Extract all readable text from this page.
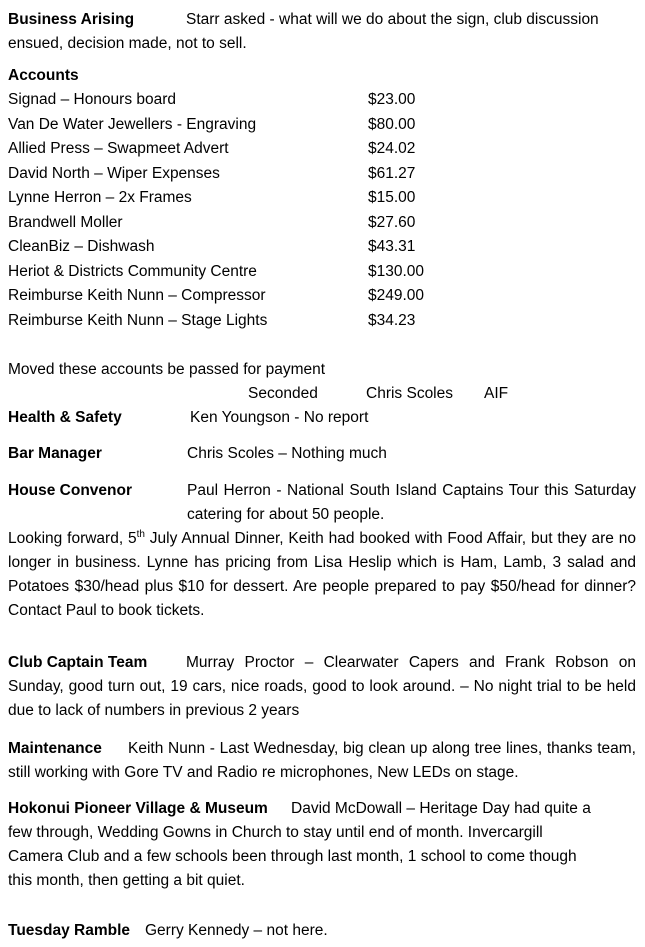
Business Arising	Starr asked - what will we do about the sign, club discussion
ensued, decision made, not to sell.
Accounts
Signad – Honours board	$23.00
Van De Water Jewellers - Engraving	$80.00
Allied Press – Swapmeet Advert	$24.02
David North – Wiper Expenses	$61.27
Lynne Herron – 2x Frames	$15.00
Brandwell Moller	$27.60
CleanBiz – Dishwash	$43.31
Heriot & Districts Community Centre	$130.00
Reimburse Keith Nunn – Compressor	$249.00
Reimburse Keith Nunn – Stage Lights	$34.23
Moved these accounts be passed for payment
Seconded	Chris Scoles AIF
Health & Safety	Ken Youngson - No report
Bar Manager	Chris Scoles – Nothing much
House Convenor	Paul Herron - National South Island Captains Tour this Saturday catering for about 50 people.
Looking forward, 5th July Annual Dinner, Keith had booked with Food Affair, but they are no longer in business. Lynne has pricing from Lisa Heslip which is Ham, Lamb, 3 salad and Potatoes $30/head plus $10 for dessert. Are people prepared to pay $50/head for dinner? Contact Paul to book tickets.
Club Captain Team	Murray Proctor – Clearwater Capers and Frank Robson on Sunday, good turn out, 19 cars, nice roads, good to look around. – No night trial to be held due to lack of numbers in previous 2 years
Maintenance Keith Nunn - Last Wednesday, big clean up along tree lines, thanks team, still working with Gore TV and Radio re microphones, New LEDs on stage.
Hokonui Pioneer Village & Museum David McDowall – Heritage Day had quite a
few through, Wedding Gowns in Church to stay until end of month. Invercargill
Camera Club and a few schools been through last month, 1 school to come though
this month, then getting a bit quiet.
Tuesday Ramble Gerry Kennedy – not here.
